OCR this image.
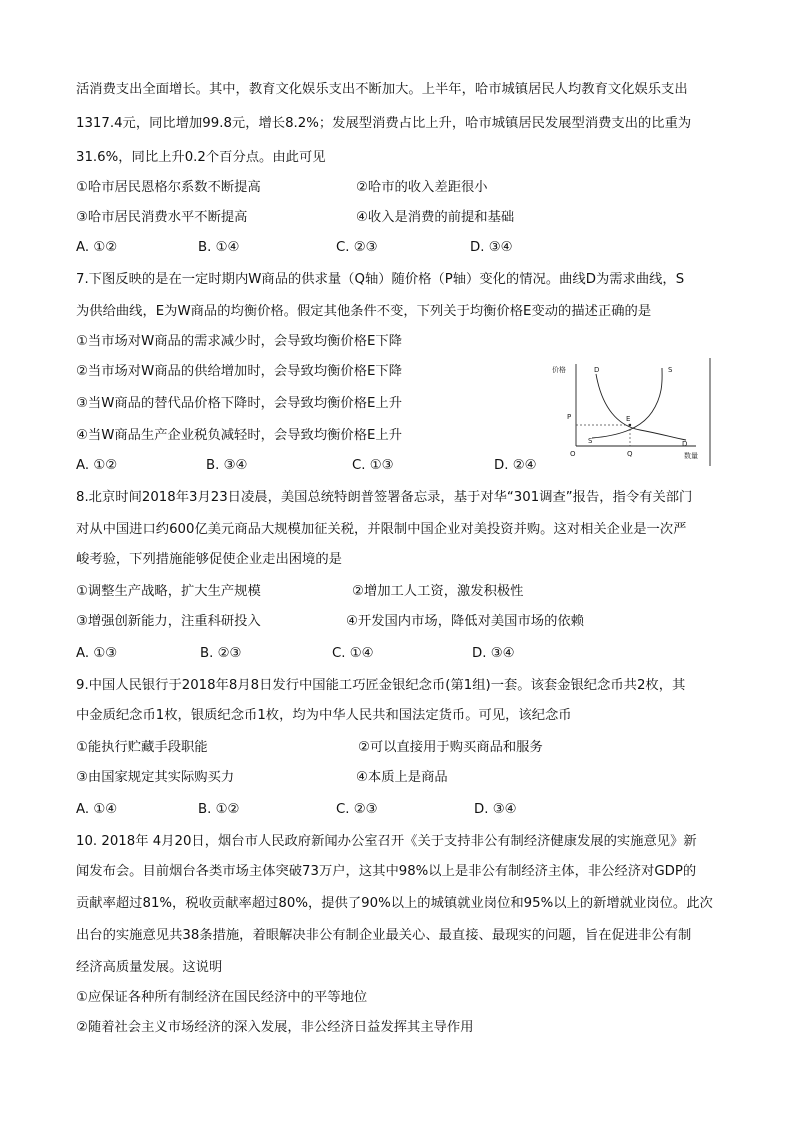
活消费支出全面增长。其中，教育文化娱乐支出不断加大。上半年，哈市城镇居民人均教育文化娱乐支出
1317.4元，同比增加99.8元，增长8.2%；发展型消费占比上升，哈市城镇居民发展型消费支出的比重为
31.6%，同比上升0.2个百分点。由此可见
①哈市居民恩格尔系数不断提高	②哈市的收入差距很小
③哈市居民消费水平不断提高	④收入是消费的前提和基础
A. ①②	B. ①④	C. ②③	D. ③④
7.下图反映的是在一定时期内W商品的供求量（Q轴）随价格（P轴）变化的情况。曲线D为需求曲线，S
为供给曲线，E为W商品的均衡价格。假定其他条件不变，下列关于均衡价格E变动的描述正确的是
①当市场对W商品的需求减少时，会导致均衡价格E下降
②当市场对W商品的供给增加时，会导致均衡价格E下降
③当W商品的替代品价格下降时，会导致均衡价格E上升
④当W商品生产企业税负减轻时，会导致均衡价格E上升
A. ①②	B. ③④	C. ①③	D. ②④
价格
数量
O
P
Q
E
D
D
S
S
8.北京时间2018年3月23日凌晨，美国总统特朗普签署备忘录，基于对华“301调查”报告，指令有关部门
对从中国进口约600亿美元商品大规模加征关税，并限制中国企业对美投资并购。这对相关企业是一次严
峻考验，下列措施能够促使企业走出困境的是
①调整生产战略，扩大生产规模	②增加工人工资，激发积极性
③增强创新能力，注重科研投入	④开发国内市场，降低对美国市场的依赖
A. ①③	B. ②③	C. ①④	D. ③④
9.中国人民银行于2018年8月8日发行中国能工巧匠金银纪念币(第1组)一套。该套金银纪念币共2枚，其
中金质纪念币1枚，银质纪念币1枚，均为中华人民共和国法定货币。可见，该纪念币
①能执行贮藏手段职能	②可以直接用于购买商品和服务
③由国家规定其实际购买力	④本质上是商品
A. ①④	B. ①②	C. ②③	D. ③④
10. 2018年 4月20日，烟台市人民政府新闻办公室召开《关于支持非公有制经济健康发展的实施意见》新
闻发布会。目前烟台各类市场主体突破73万户，这其中98%以上是非公有制经济主体，非公经济对GDP的
贡献率超过81%，税收贡献率超过80%，提供了90%以上的城镇就业岗位和95%以上的新增就业岗位。此次
出台的实施意见共38条措施，着眼解决非公有制企业最关心、最直接、最现实的问题，旨在促进非公有制
经济高质量发展。这说明
①应保证各种所有制经济在国民经济中的平等地位
②随着社会主义市场经济的深入发展，非公经济日益发挥其主导作用
